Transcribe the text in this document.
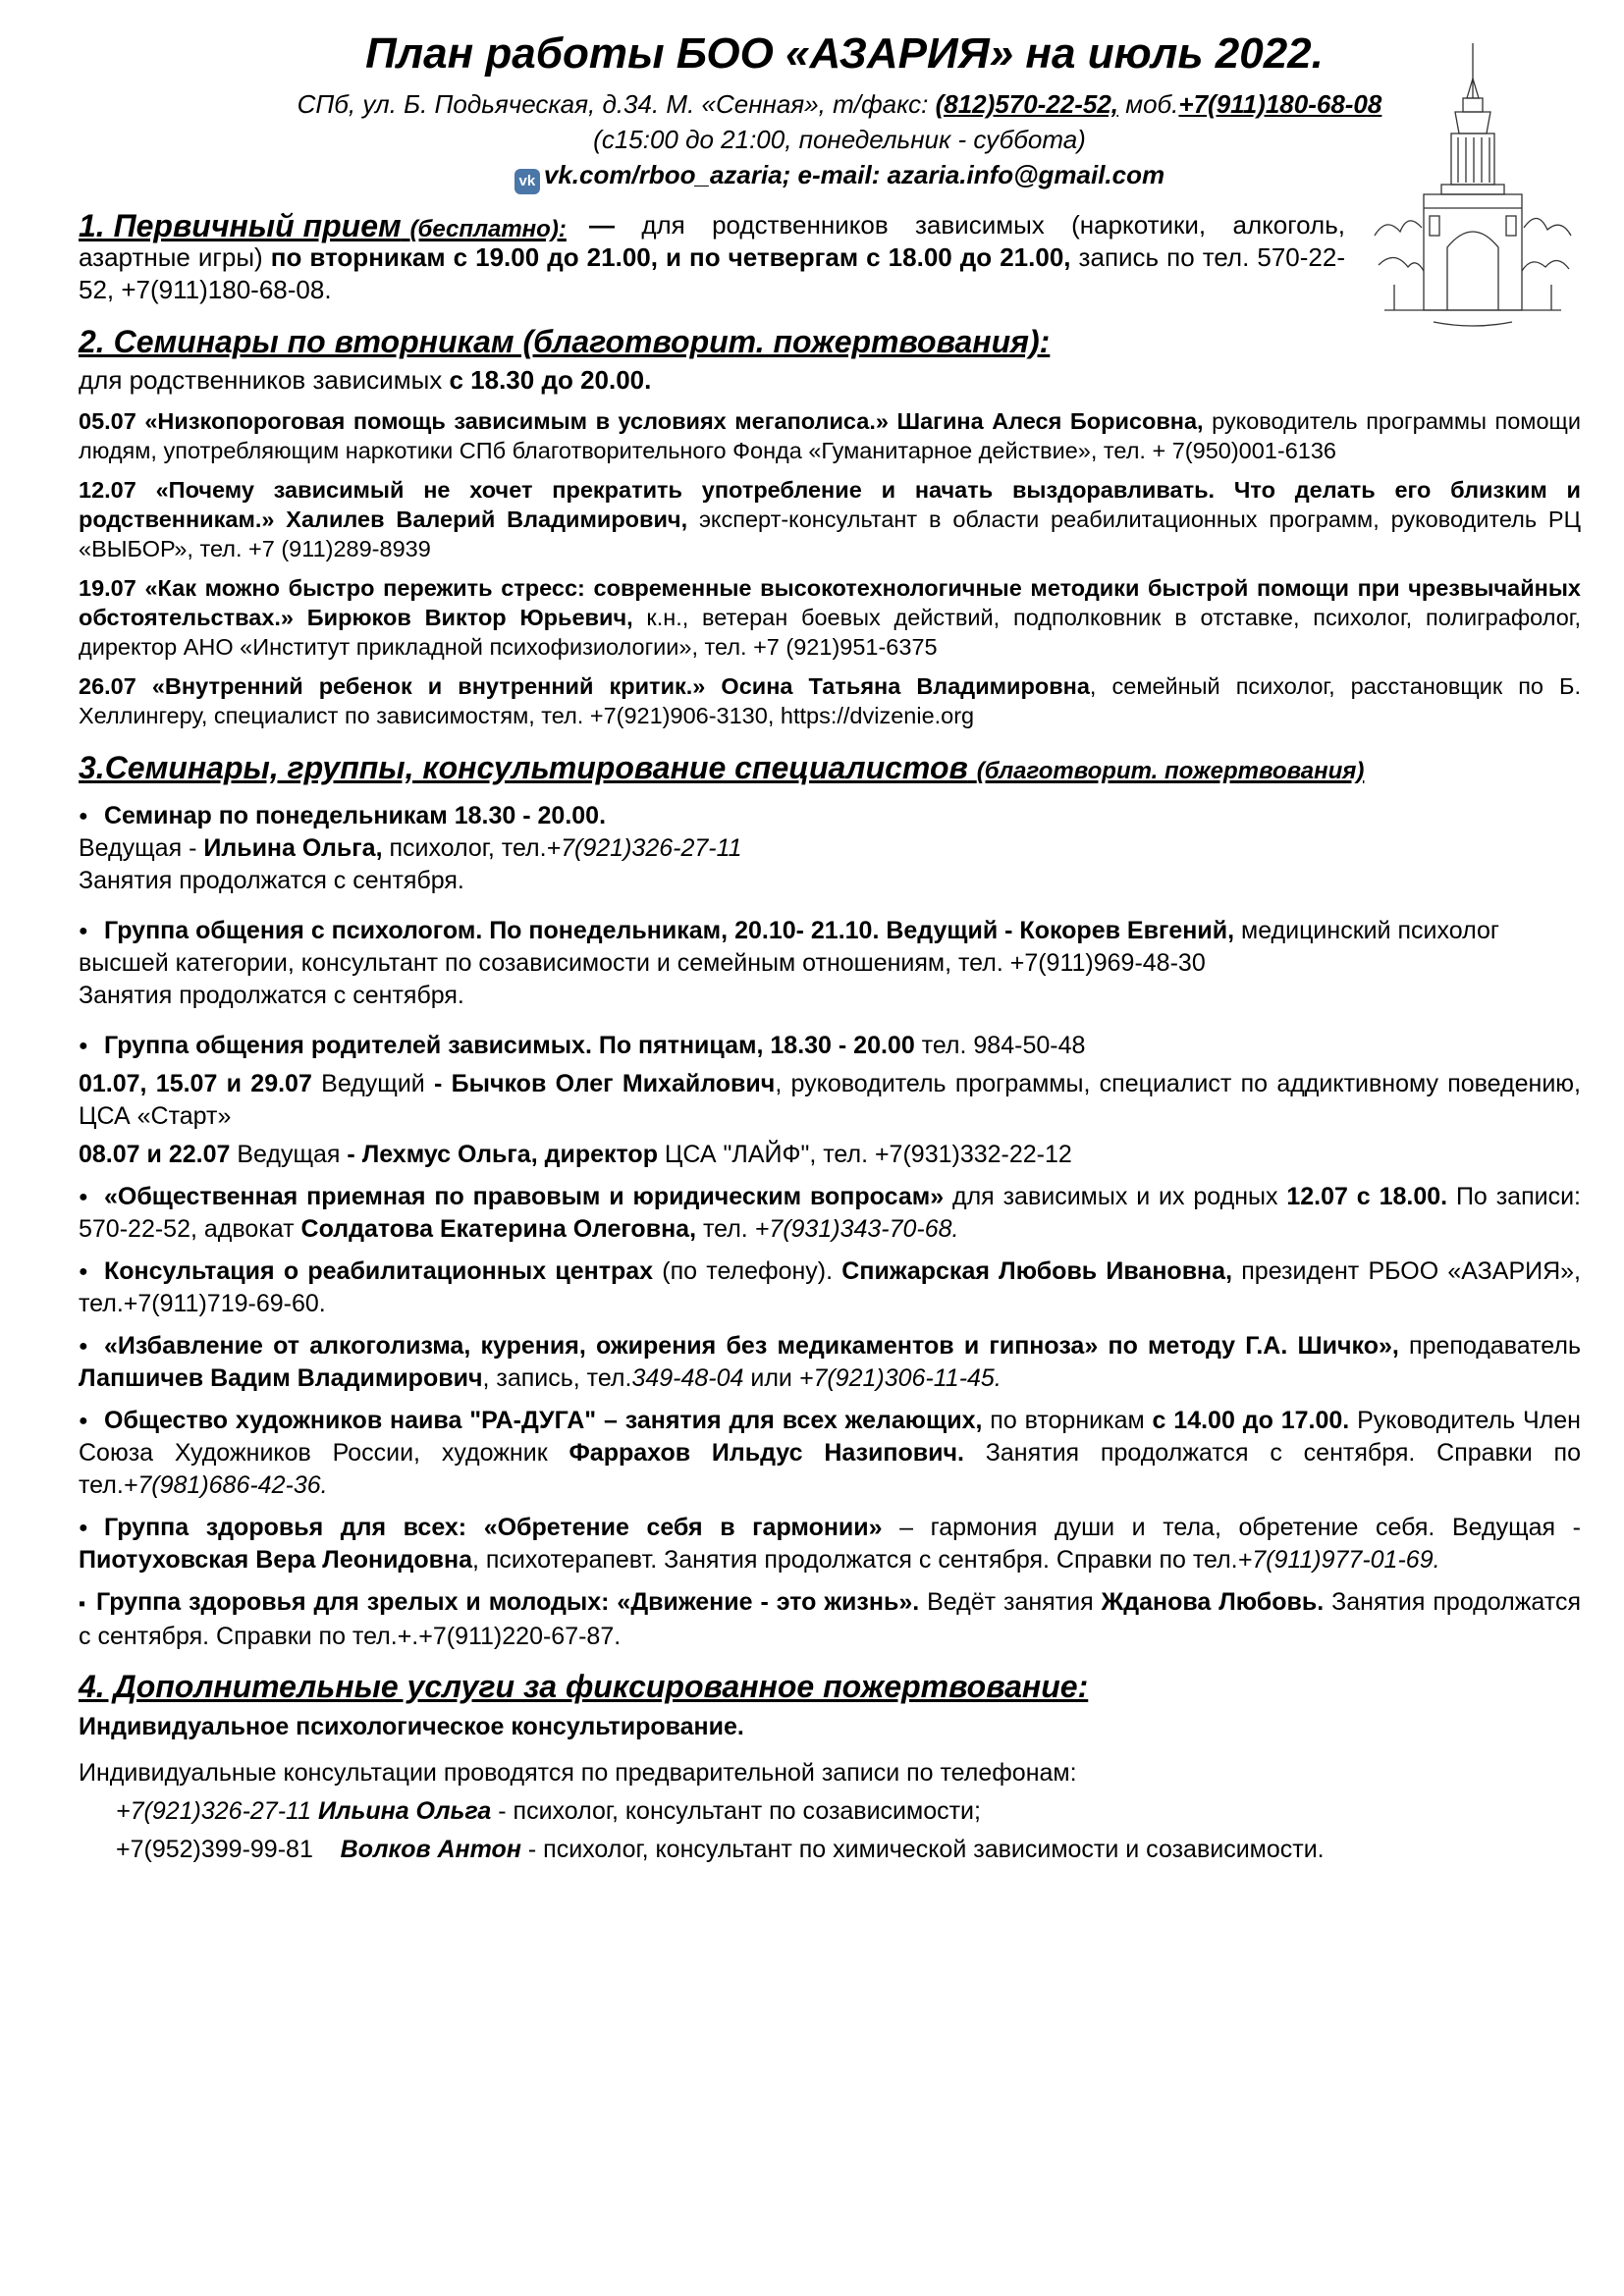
План работы БОО «АЗАРИЯ» на июль 2022.
СПб, ул. Б. Подьяческая, д.34. М. «Сенная», т/факс: (812)570-22-52, моб.+7(911)180-68-08
(с15:00 до 21:00, понедельник - суббота)
vk vk.com/rboo_azaria; e-mail: azaria.info@gmail.com
1. Первичный прием (бесплатно): — для родственников зависимых (наркотики, алкоголь, азартные игры) по вторникам с 19.00 до 21.00, и по четвергам с 18.00 до 21.00, запись по тел. 570-22-52, +7(911)180-68-08.

2. Семинары по вторникам (благотворит. пожертвования):

для родственников зависимых с 18.30 до 20.00.

05.07 «Низкопороговая помощь зависимым в условиях мегаполиса.» Шагина Алеся Борисовна, руководитель программы помощи людям, употребляющим наркотики СПб благотворительного Фонда «Гуманитарное действие», тел. + 7(950)001-6136

12.07 «Почему зависимый не хочет прекратить употребление и начать выздоравливать. Что делать его близким и родственникам.» Халилев Валерий Владимирович, эксперт-консультант в области реабилитационных программ, руководитель РЦ «ВЫБОР», тел. +7 (911)289-8939

19.07 «Как можно быстро пережить стресс: современные высокотехнологичные методики быстрой помощи при чрезвычайных обстоятельствах.» Бирюков Виктор Юрьевич, к.н., ветеран боевых действий, подполковник в отставке, психолог, полиграфолог, директор АНО «Институт прикладной психофизиологии», тел. +7 (921)951-6375

26.07 «Внутренний ребенок и внутренний критик.» Осина Татьяна Владимировна, семейный психолог, расстановщик по Б. Хеллингеру, специалист по зависимостям, тел. +7(921)906-3130, https://dvizenie.org

3.Семинары, группы, консультирование специалистов (благотворит. пожертвования)

● Семинар по понедельникам 18.30 - 20.00.

Ведущая - Ильина Ольга, психолог, тел.+7(921)326-27-11

Занятия продолжатся с сентября.

● Группа общения с психологом. По понедельникам, 20.10- 21.10. Ведущий - Кокорев Евгений, медицинский психолог высшей категории, консультант по созависимости и семейным отношениям, тел. +7(911)969-48-30

Занятия продолжатся с сентября.

● Группа общения родителей зависимых. По пятницам, 18.30 - 20.00 тел. 984-50-48

01.07, 15.07 и 29.07 Ведущий - Бычков Олег Михайлович, руководитель программы, специалист по аддиктивному поведению, ЦСА «Старт»

08.07 и 22.07 Ведущая - Лехмус Ольга, директор ЦСА "ЛАЙФ", тел. +7(931)332-22-12

● «Общественная приемная по правовым и юридическим вопросам» для зависимых и их родных 12.07 с 18.00. По записи: 570-22-52, адвокат Солдатова Екатерина Олеговна, тел. +7(931)343-70-68.

● Консультация о реабилитационных центрах (по телефону). Спижарская Любовь Ивановна, президент РБОО «АЗАРИЯ», тел.+7(911)719-69-60.

● «Избавление от алкоголизма, курения, ожирения без медикаментов и гипноза» по методу Г.А. Шичко», преподаватель Лапшичев Вадим Владимирович, запись, тел.349-48-04 или +7(921)306-11-45.

● Общество художников наива "РА-ДУГА" – занятия для всех желающих, по вторникам с 14.00 до 17.00. Руководитель Член Союза Художников России, художник Фаррахов Ильдус Назипович. Занятия продолжатся с сентября. Справки по тел.+7(981)686-42-36.

● Группа здоровья для всех: «Обретение себя в гармонии» – гармония души и тела, обретение себя. Ведущая - Пиотуховская Вера Леонидовна, психотерапевт. Занятия продолжатся с сентября. Справки по тел.+7(911)977-01-69.

▪ Группа здоровья для зрелых и молодых: «Движение - это жизнь». Ведёт занятия Жданова Любовь. Занятия продолжатся с сентября. Справки по тел.+.+7(911)220-67-87.

4. Дополнительные услуги за фиксированное пожертвование:

Индивидуальное психологическое консультирование.

Индивидуальные консультации проводятся по предварительной записи по телефонам:

+7(921)326-27-11 Ильина Ольга - психолог, консультант по созависимости;

+7(952)399-99-81 Волков Антон - психолог, консультант по химической зависимости и созависимости.
